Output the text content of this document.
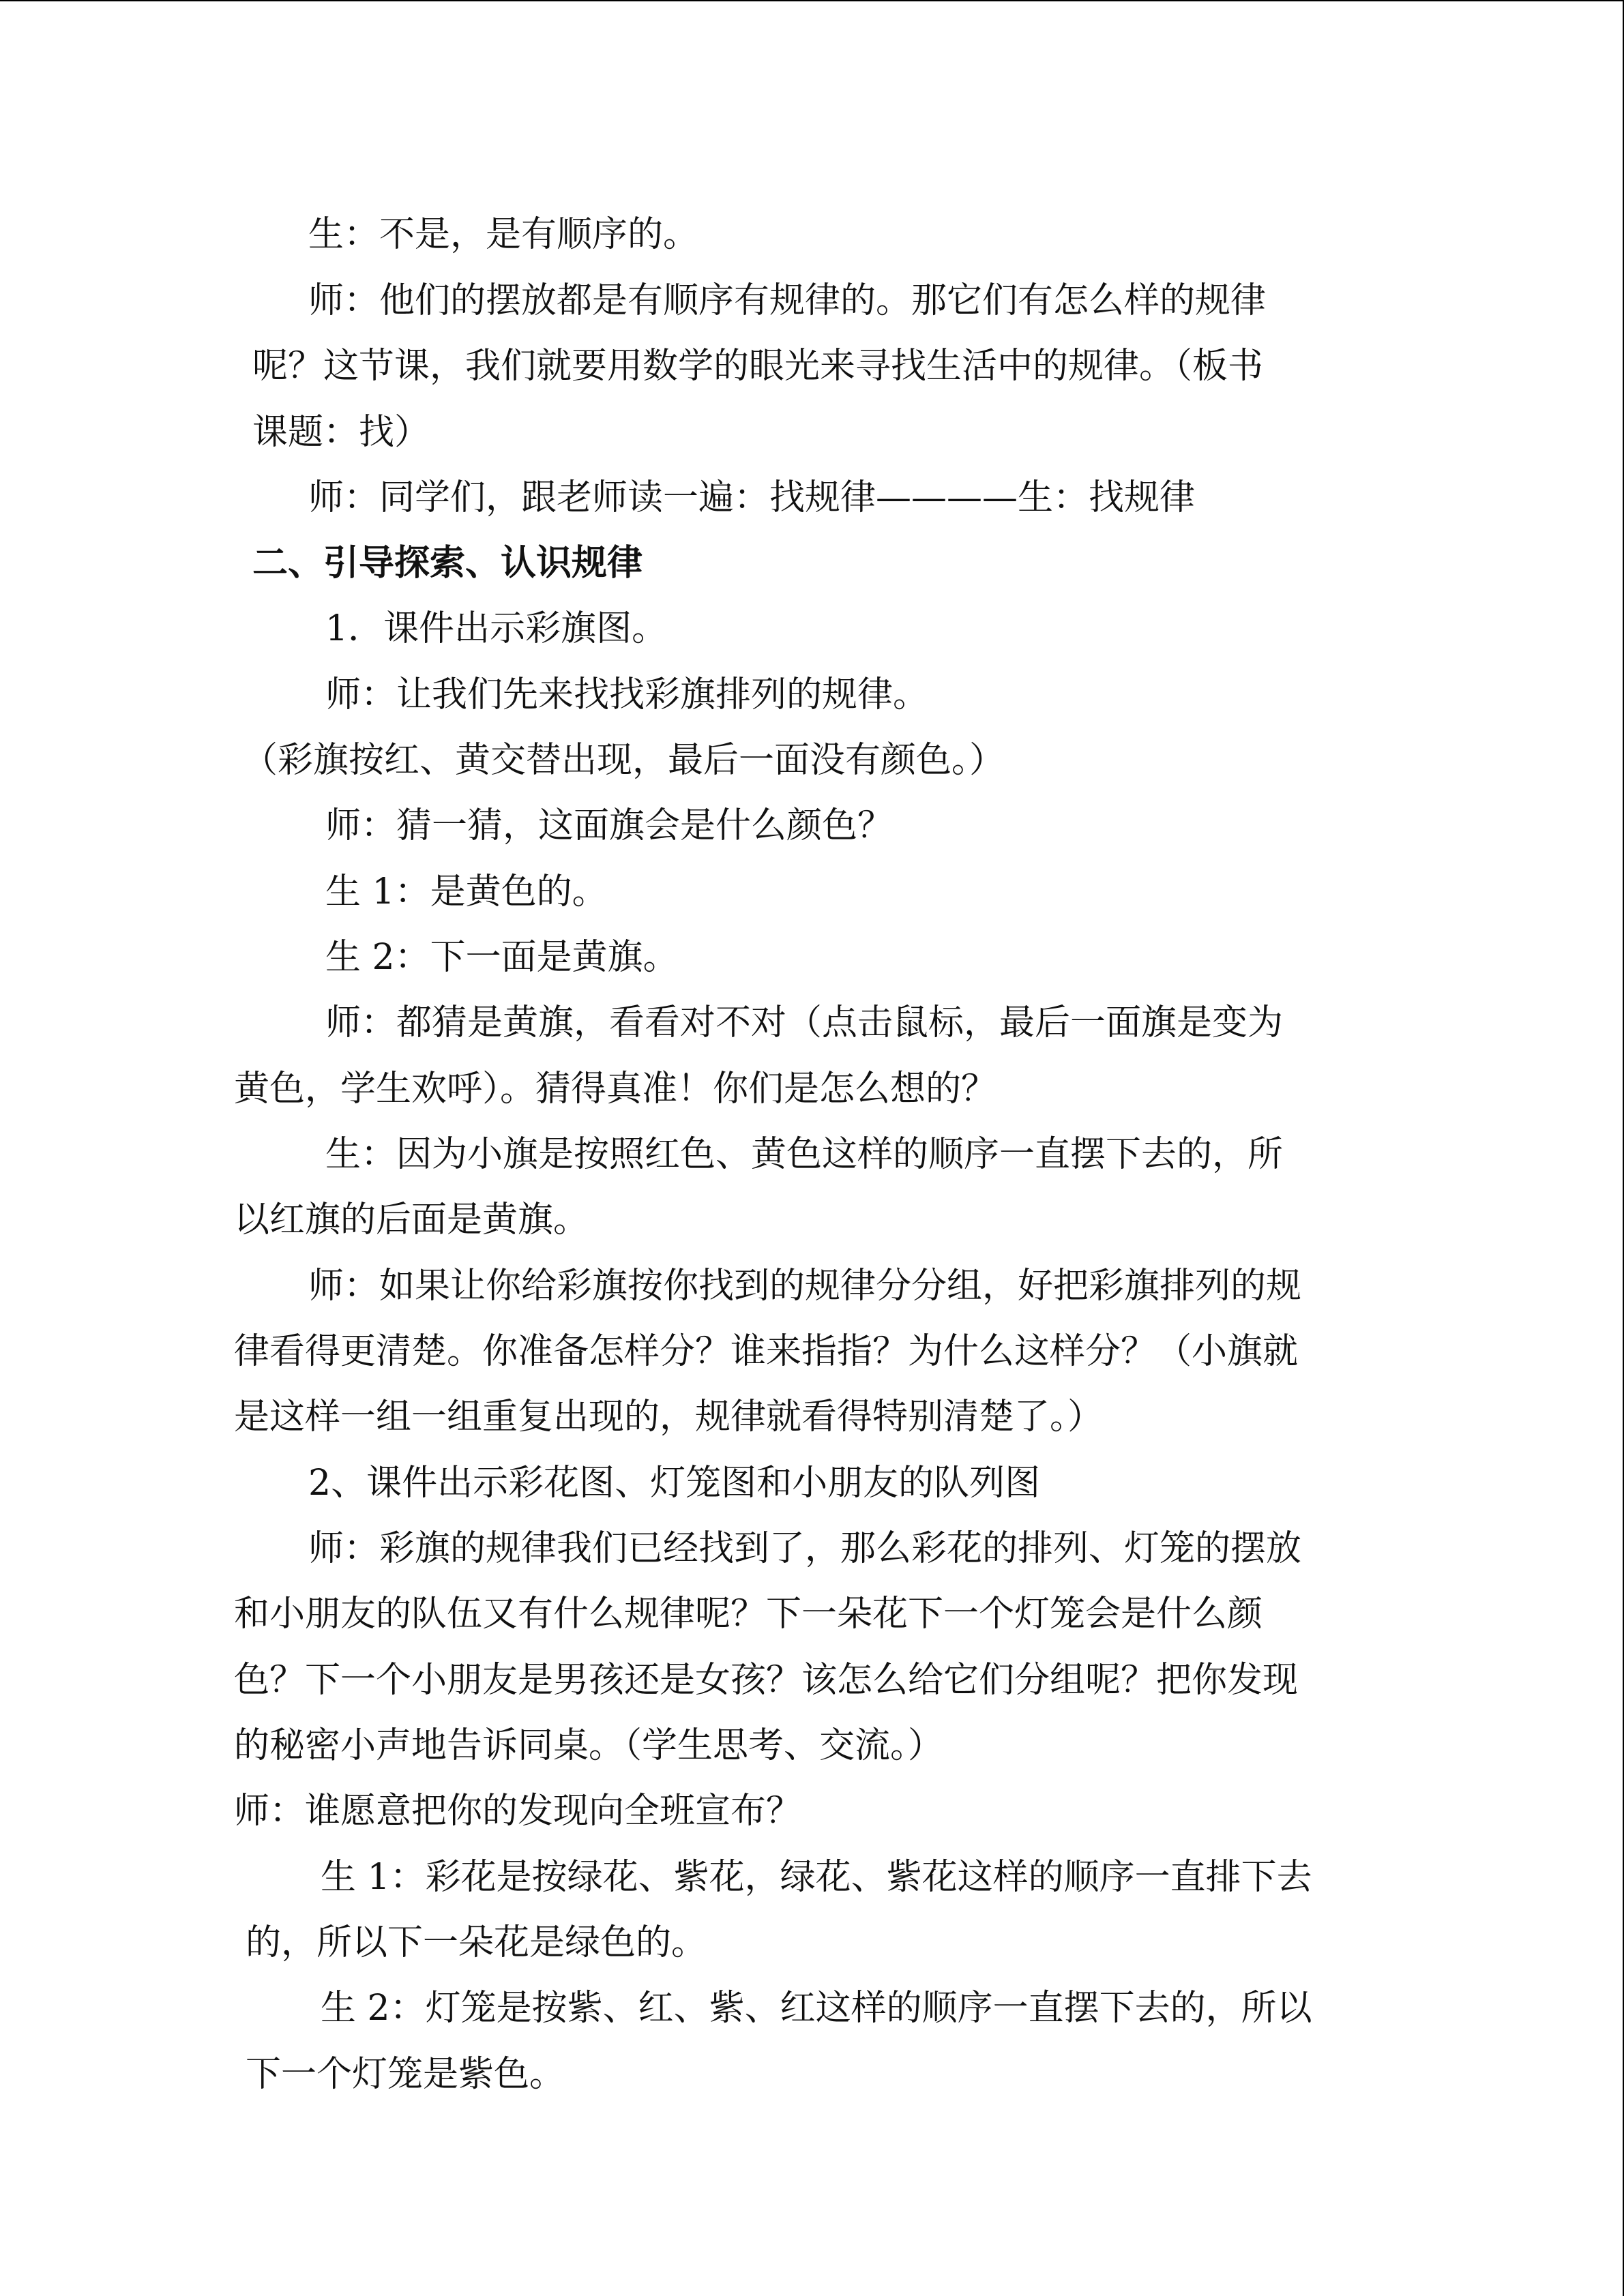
生：不是，是有顺序的。
师：他们的摆放都是有顺序有规律的。那它们有怎么样的规律
呢？这节课，我们就要用数学的眼光来寻找生活中的规律。（板书
课题：找）
师：同学们，跟老师读一遍：找规律————生：找规律
二、引导探索、认识规律
1．课件出示彩旗图。
师：让我们先来找找彩旗排列的规律。
（彩旗按红、黄交替出现，最后一面没有颜色。）
师：猜一猜，这面旗会是什么颜色？
生 1：是黄色的。
生 2：下一面是黄旗。
师：都猜是黄旗，看看对不对（点击鼠标，最后一面旗是变为
黄色，学生欢呼）。猜得真准！你们是怎么想的？
生：因为小旗是按照红色、黄色这样的顺序一直摆下去的，所
以红旗的后面是黄旗。
师：如果让你给彩旗按你找到的规律分分组，好把彩旗排列的规
律看得更清楚。你准备怎样分？谁来指指？为什么这样分？（小旗就
是这样一组一组重复出现的，规律就看得特别清楚了。）
2、课件出示彩花图、灯笼图和小朋友的队列图
师：彩旗的规律我们已经找到了，那么彩花的排列、灯笼的摆放
和小朋友的队伍又有什么规律呢？下一朵花下一个灯笼会是什么颜
色？下一个小朋友是男孩还是女孩？该怎么给它们分组呢？把你发现
的秘密小声地告诉同桌。（学生思考、交流。）
师：谁愿意把你的发现向全班宣布？
生 1：彩花是按绿花、紫花，绿花、紫花这样的顺序一直排下去
的，所以下一朵花是绿色的。
生 2：灯笼是按紫、红、紫、红这样的顺序一直摆下去的，所以
下一个灯笼是紫色。
